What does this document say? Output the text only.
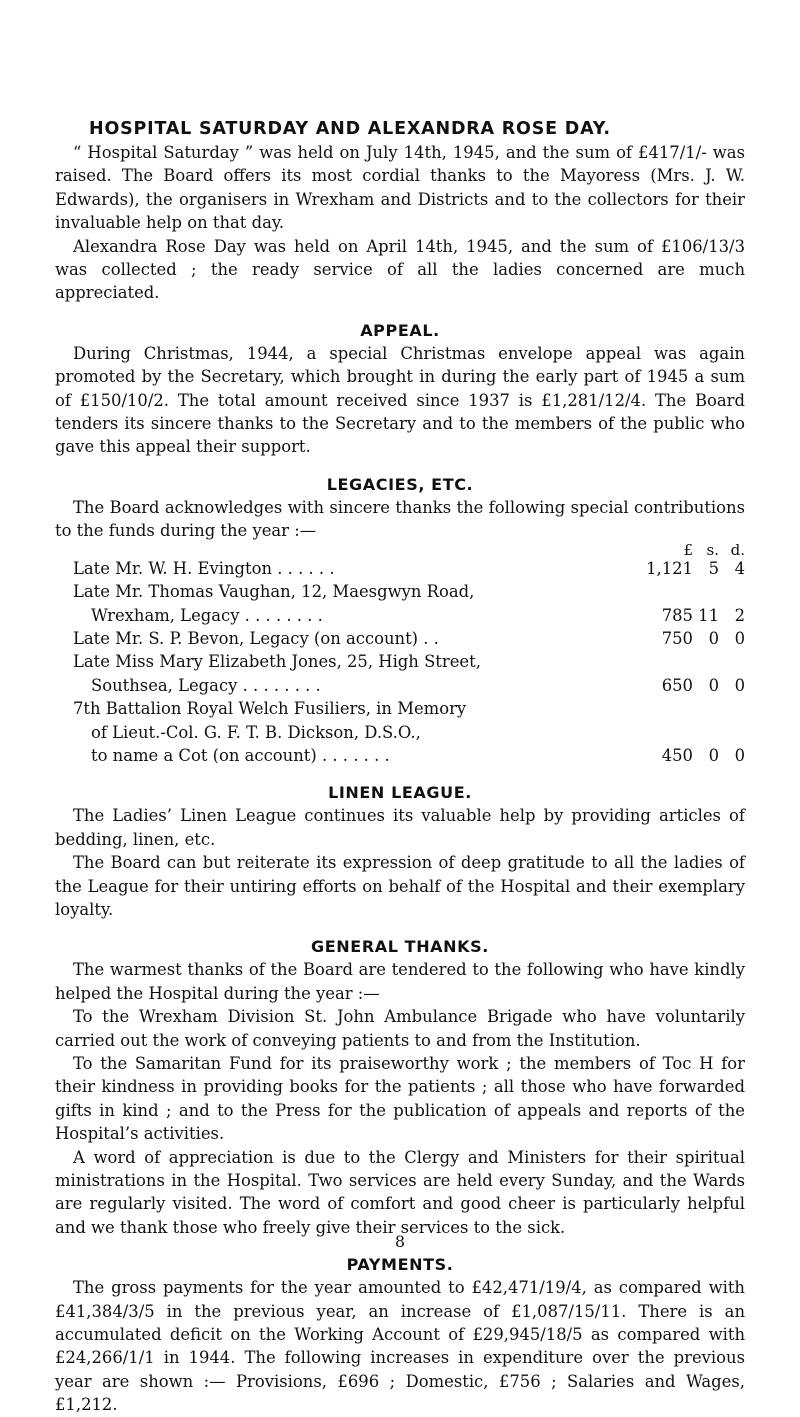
HOSPITAL SATURDAY AND ALEXANDRA ROSE DAY.

“ Hospital Saturday ” was held on July 14th, 1945, and the sum of £417/1/- was raised. The Board offers its most cordial thanks to the Mayoress (Mrs. J. W. Edwards), the organisers in Wrexham and Districts and to the collectors for their invaluable help on that day.

Alexandra Rose Day was held on April 14th, 1945, and the sum of £106/13/3 was collected ; the ready service of all the ladies concerned are much appreciated.

APPEAL.

During Christmas, 1944, a special Christmas envelope appeal was again promoted by the Secretary, which brought in during the early part of 1945 a sum of £150/10/2. The total amount received since 1937 is £1,281/12/4. The Board tenders its sincere thanks to the Secretary and to the members of the public who gave this appeal their support.

LEGACIES, ETC.

The Board acknowledges with sincere thanks the following special contributions to the funds during the year :—

	£	s.	d.
Late Mr. W. H. Evington . . . . . .	1,121	5	4
Late Mr. Thomas Vaughan, 12, Maesgwyn Road,
Wrexham, Legacy . . . . . . . .	785	11	2
Late Mr. S. P. Bevon, Legacy (on account) . .	750	0	0
Late Miss Mary Elizabeth Jones, 25, High Street,
Southsea, Legacy . . . . . . . .	650	0	0
7th Battalion Royal Welch Fusiliers, in Memory
of Lieut.-Col. G. F. T. B. Dickson, D.S.O.,
to name a Cot (on account) . . . . . . .	450	0	0
LINEN LEAGUE.

The Ladies’ Linen League continues its valuable help by providing articles of bedding, linen, etc.

The Board can but reiterate its expression of deep gratitude to all the ladies of the League for their untiring efforts on behalf of the Hospital and their exemplary loyalty.

GENERAL THANKS.

The warmest thanks of the Board are tendered to the following who have kindly helped the Hospital during the year :—

To the Wrexham Division St. John Ambulance Brigade who have voluntarily carried out the work of conveying patients to and from the Institution.

To the Samaritan Fund for its praiseworthy work ; the members of Toc H for their kindness in providing books for the patients ; all those who have forwarded gifts in kind ; and to the Press for the publication of appeals and reports of the Hospital’s activities.

A word of appreciation is due to the Clergy and Ministers for their spiritual ministrations in the Hospital. Two services are held every Sunday, and the Wards are regularly visited. The word of comfort and good cheer is particularly helpful and we thank those who freely give their services to the sick.

PAYMENTS.

The gross payments for the year amounted to £42,471/19/4, as compared with £41,384/3/5 in the previous year, an increase of £1,087/15/11. There is an accumulated deficit on the Working Account of £29,945/18/5 as compared with £24,266/1/1 in 1944. The following increases in expenditure over the previous year are shown :— Provisions, £696 ; Domestic, £756 ; Salaries and Wages, £1,212.

8
